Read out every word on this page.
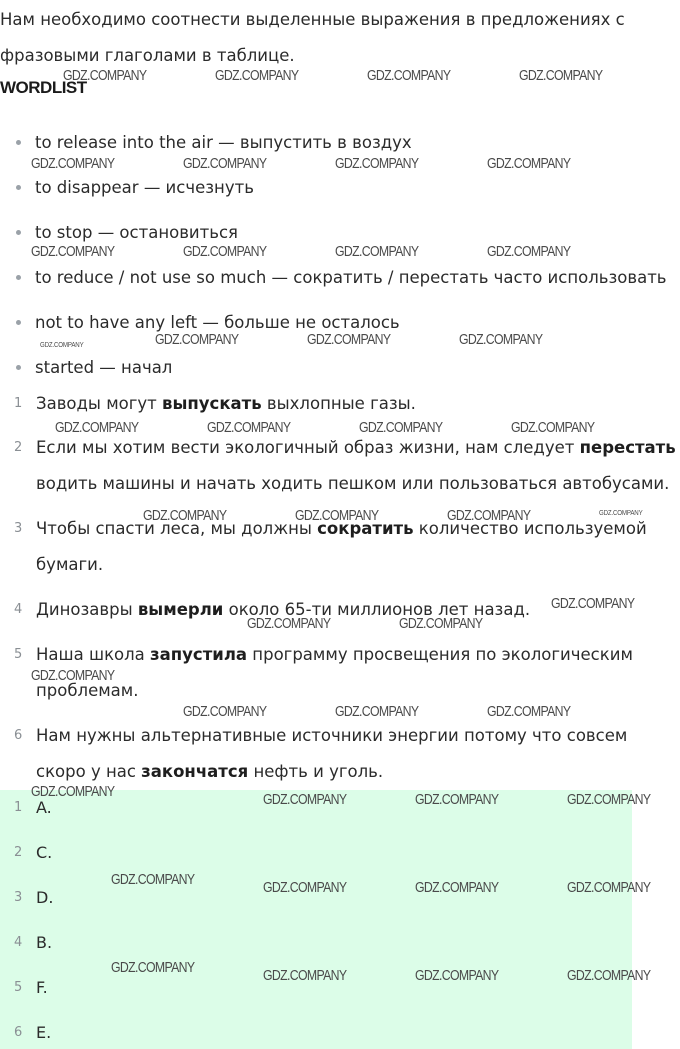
Нам необходимо соотнести выделенные выражения в предложениях с фразовыми глаголами в таблице.

WORDLIST
to release into the air — выпустить в воздух
to disappear — исчезнуть
to stop — остановиться
to reduce / not use so much — сократить / перестать часто использовать
not to have any left — больше не осталось
started — начал
1 Заводы могут выпускать выхлопные газы.
2 Если мы хотим вести экологичный образ жизни, нам следует перестать водить машины и начать ходить пешком или пользоваться автобусами.
3 Чтобы спасти леса, мы должны сократить количество используемой бумаги.
4 Динозавры вымерли около 65-ти миллионов лет назад.
5 Наша школа запустила программу просвещения по экологическим проблемам.
6 Нам нужны альтернативные источники энергии потому что совсем скоро у нас закончатся нефть и уголь.
1 A.
2 C.
3 D.
4 B.
5 F.
6 E.
GDZ.COMPANY	GDZ.COMPANY	GDZ.COMPANY	GDZ.COMPANY
GDZ.COMPANY	GDZ.COMPANY	GDZ.COMPANY	GDZ.COMPANY
GDZ.COMPANY	GDZ.COMPANY	GDZ.COMPANY	GDZ.COMPANY
GDZ.COMPANY	GDZ.COMPANY	GDZ.COMPANY	GDZ.COMPANY
GDZ.COMPANY	GDZ.COMPANY	GDZ.COMPANY	GDZ.COMPANY
GDZ.COMPANY	GDZ.COMPANY	GDZ.COMPANY	GDZ.COMPANY
GDZ.COMPANY
GDZ.COMPANY	GDZ.COMPANY
GDZ.COMPANY
GDZ.COMPANY	GDZ.COMPANY	GDZ.COMPANY
GDZ.COMPANY	GDZ.COMPANY	GDZ.COMPANY	GDZ.COMPANY
GDZ.COMPANY	GDZ.COMPANY	GDZ.COMPANY	GDZ.COMPANY
GDZ.COMPANY	GDZ.COMPANY	GDZ.COMPANY	GDZ.COMPANY
